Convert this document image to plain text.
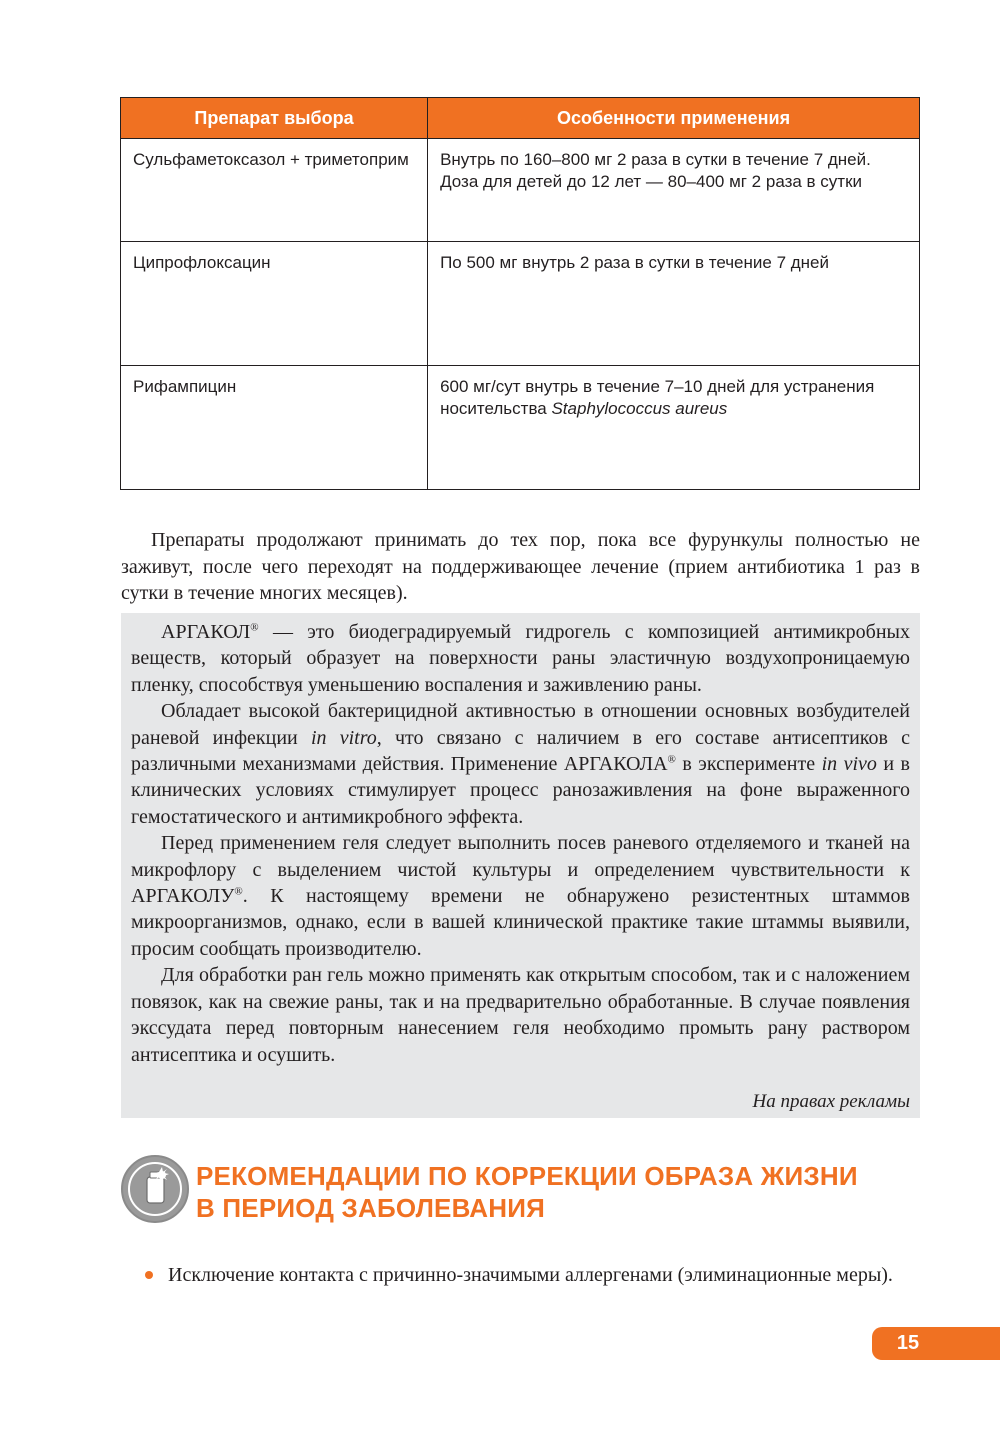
Препарат выбора	Особенности применения
Сульфаметоксазол + триметоприм	Внутрь по 160–800 мг 2 раза в сутки в течение 7 дней.
Доза для детей до 12 лет — 80–400 мг 2 раза в сутки

Ципрофлоксацин	По 500 мг внутрь 2 раза в сутки в течение 7 дней

Рифампицин	600 мг/сут внутрь в течение 7–10 дней для устранения
носительства Staphylococcus aureus
Препараты продолжают принимать до тех пор, пока все фурункулы полностью не заживут, после чего переходят на поддерживающее лечение (прием антибиотика 1 раз в сутки в течение многих месяцев).

АРГАКОЛ® — это биодеградируемый гидрогель с композицией антимикробных веществ, который образует на поверхности раны эластичную воздухопроницаемую пленку, способствуя уменьшению воспаления и заживлению раны.

Обладает высокой бактерицидной активностью в отношении основных возбудителей раневой инфекции in vitro, что связано с наличием в его составе антисептиков с различными механизмами действия. Применение АРГАКОЛА® в эксперименте in vivo и в клинических условиях стимулирует процесс ранозаживления на фоне выраженного гемостатического и антимикробного эффекта.

Перед применением геля следует выполнить посев раневого отделяемого и тканей на микрофлору с выделением чистой культуры и определением чувствительности к АРГАКОЛУ®. К настоящему времени не обнаружено резистентных штаммов микроорганизмов, однако, если в вашей клинической практике такие штаммы выявили, просим сообщать производителю.

Для обработки ран гель можно применять как открытым способом, так и с наложением повязок, как на свежие раны, так и на предварительно обработанные. В случае появления экссудата перед повторным нанесением геля необходимо промыть рану раствором антисептика и осушить.

На правах рекламы
РЕКОМЕНДАЦИИ ПО КОРРЕКЦИИ ОБРАЗА ЖИЗНИ
В ПЕРИОД ЗАБОЛЕВАНИЯ
Исключение контакта с причинно-значимыми аллергенами (элиминационные меры).
15
